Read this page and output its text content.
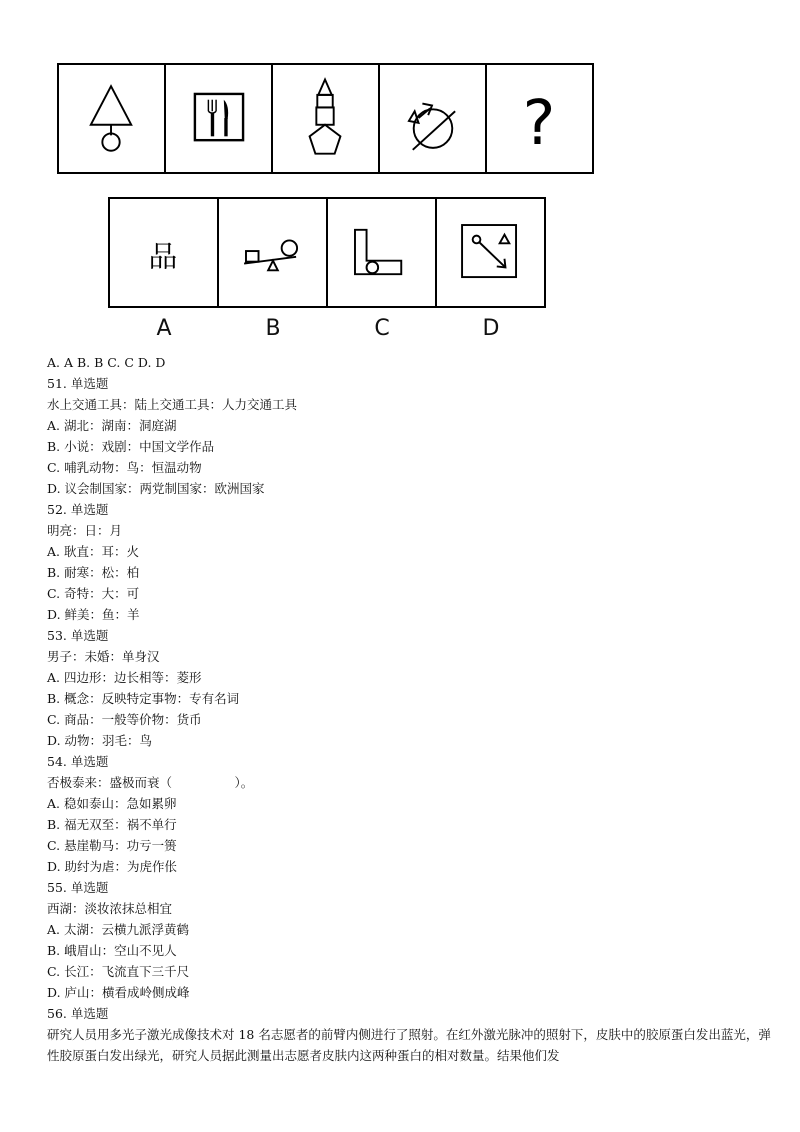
?
品
A	B	C	D
A. A B. B C. C D. D
51. 单选题
水上交通工具：陆上交通工具：人力交通工具
A. 湖北：湖南：洞庭湖
B. 小说：戏剧：中国文学作品
C. 哺乳动物：鸟：恒温动物
D. 议会制国家：两党制国家：欧洲国家
52. 单选题
明亮：日：月
A. 耿直：耳：火
B. 耐寒：松：柏
C. 奇特：大：可
D. 鲜美：鱼：羊
53. 单选题
男子：未婚：单身汉
A. 四边形：边长相等：菱形
B. 概念：反映特定事物：专有名词
C. 商品：一般等价物：货币
D. 动物：羽毛：鸟
54. 单选题
否极泰来：盛极而衰（　　　　　）。
A. 稳如泰山：急如累卵
B. 福无双至：祸不单行
C. 悬崖勒马：功亏一篑
D. 助纣为虐：为虎作伥
55. 单选题
西湖：淡妆浓抹总相宜
A. 太湖：云横九派浮黄鹤
B. 峨眉山：空山不见人
C. 长江：飞流直下三千尺
D. 庐山：横看成岭侧成峰
56. 单选题
研究人员用多光子激光成像技术对 18 名志愿者的前臂内侧进行了照射。在红外激光脉冲的照射下，皮肤中的胶原蛋白发出蓝光，弹性胶原蛋白发出绿光，研究人员据此测量出志愿者皮肤内这两种蛋白的相对数量。结果他们发
